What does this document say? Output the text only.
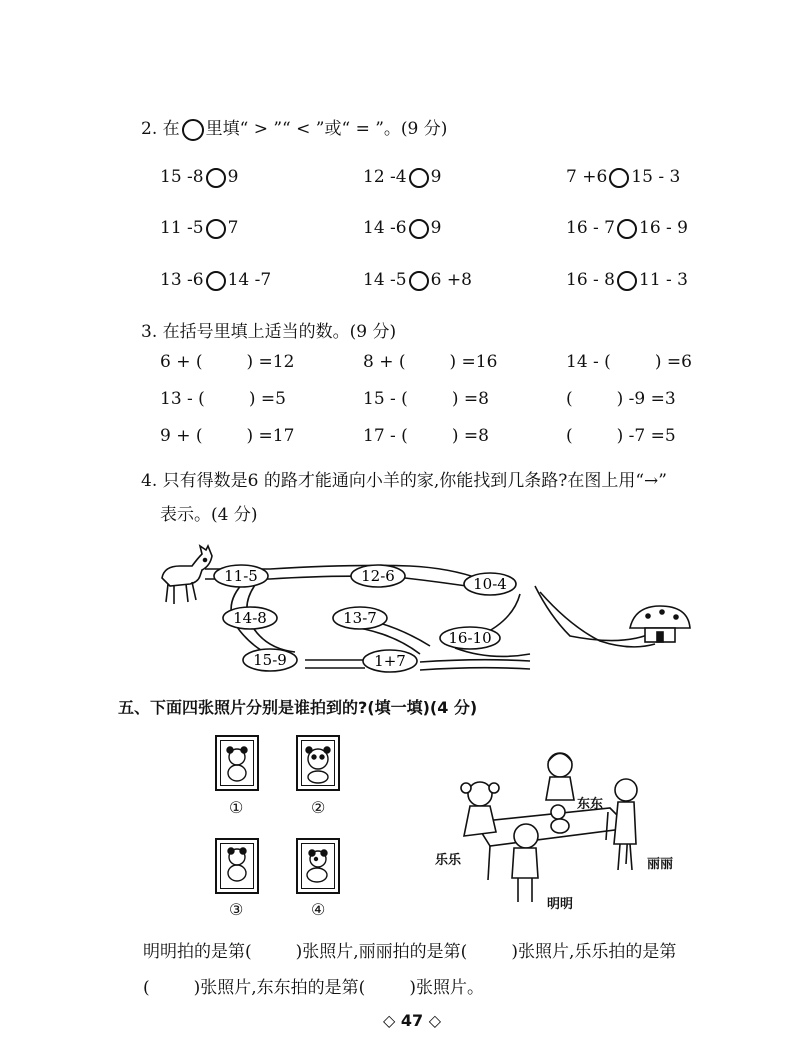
2. 在 里填“ > ”“ < ”或“ = ”。(9 分)
15 -8 9	12 -4 9	7 +6 15 - 3
11 -5 7	14 -6 9	16 - 7 16 - 9
13 -6 14 -7	14 -5 6 +8	16 - 8 11 - 3
3. 在括号里填上适当的数。(9 分)
6 + (	) =12	8 + (	) =16	14 - (	) =6
13 - (	) =5	15 - (	) =8	(	) -9 =3
9 + (	) =17	17 - (	) =8	(	) -7 =5
4. 只有得数是6 的路才能通向小羊的家,你能找到几条路?在图上用“→”
表示。(4 分)
11-5	12-6	10-4
14-8	13-7
16-10
15-9	1+7
五、下面四张照片分别是谁拍到的?(填一填)(4 分)
①	②
③	④
东东
乐乐	丽丽
明明
明明拍的是第(	)张照片,丽丽拍的是第(	)张照片,乐乐拍的是第
(	)张照片,东东拍的是第(	)张照片。
◇ 47 ◇
